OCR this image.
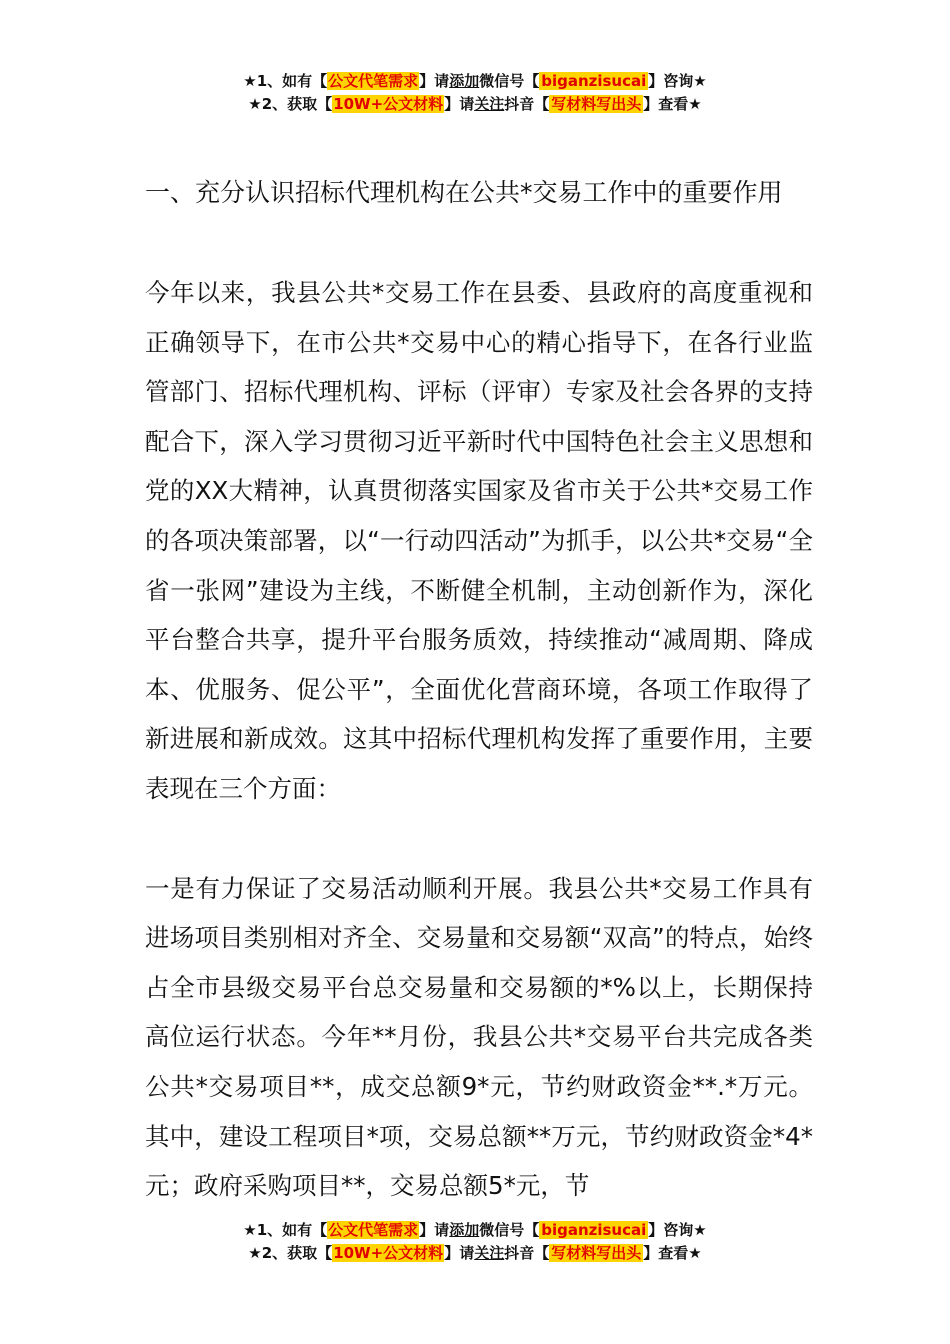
★1、如有【公文代笔需求】请添加微信号【 biganzisucai 】咨询★
★2、获取【10W+公文材料】请关注抖音【 写材料写出头 】查看★
一、充分认识招标代理机构在公共*交易工作中的重要作用

今年以来，我县公共*交易工作在县委、县政府的高度重视和正确领导下，在市公共*交易中心的精心指导下，在各行业监管部门、招标代理机构、评标（评审）专家及社会各界的支持配合下，深入学习贯彻习近平新时代中国特色社会主义思想和党的XX大精神，认真贯彻落实国家及省市关于公共*交易工作的各项决策部署，以“一行动四活动”为抓手，以公共*交易“全省一张网”建设为主线，不断健全机制，主动创新作为，深化平台整合共享，提升平台服务质效，持续推动“减周期、降成本、优服务、促公平”，全面优化营商环境，各项工作取得了新进展和新成效。这其中招标代理机构发挥了重要作用，主要表现在三个方面：

一是有力保证了交易活动顺利开展。我县公共*交易工作具有进场项目类别相对齐全、交易量和交易额“双高”的特点，始终占全市县级交易平台总交易量和交易额的*%以上，长期保持高位运行状态。今年**月份，我县公共*交易平台共完成各类公共*交易项目**，成交总额9*元，节约财政资金**.*万元。其中，建设工程项目*项，交易总额**万元，节约财政资金*4*元；政府采购项目**，交易总额5*元，节

★1、如有【公文代笔需求】请添加微信号【 biganzisucai 】咨询★
★2、获取【10W+公文材料】请关注抖音【 写材料写出头 】查看★
